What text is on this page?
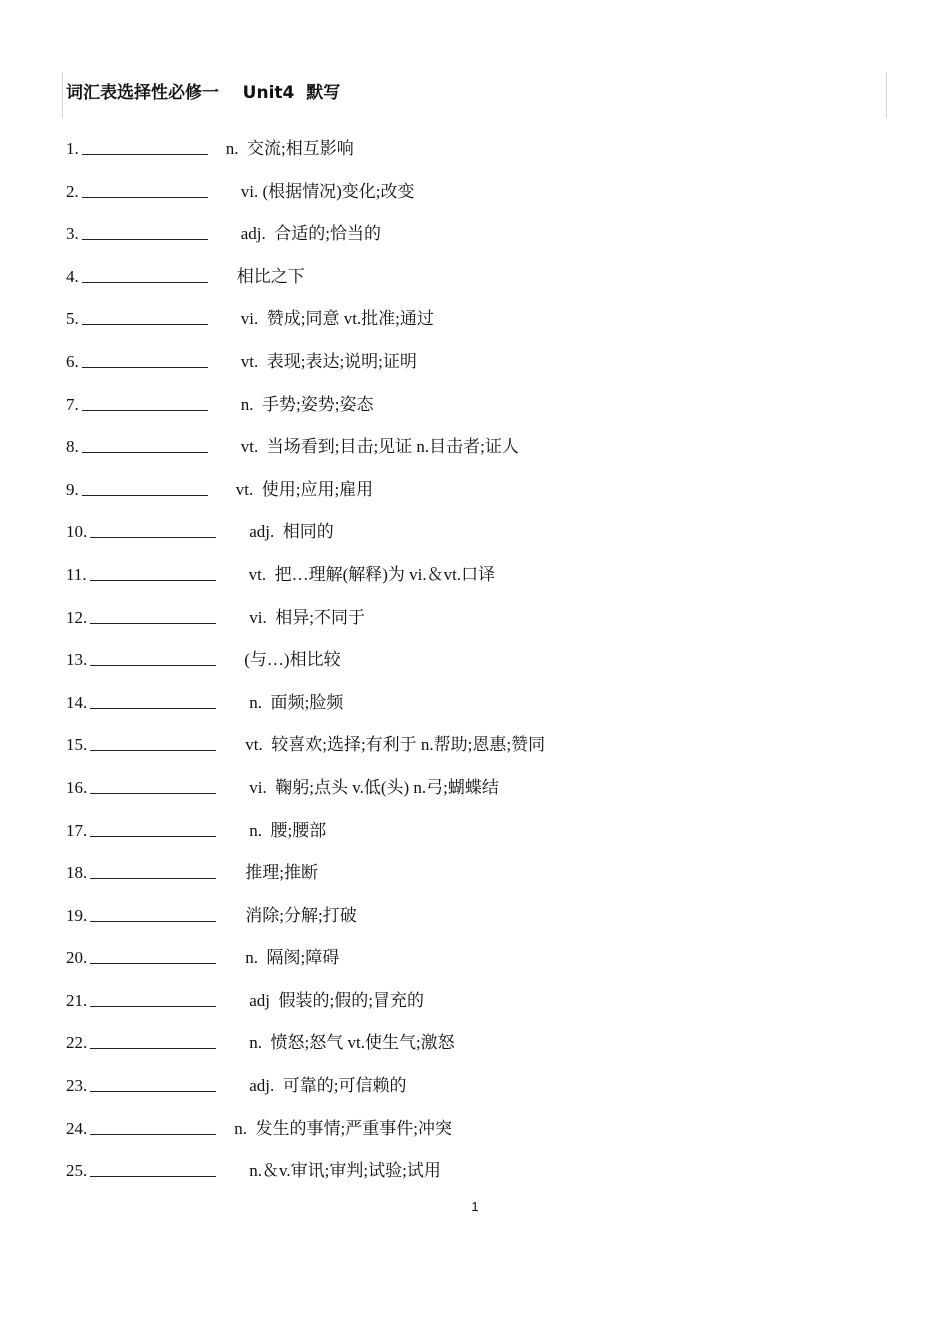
词汇表选择性必修一    Unit4  默写
1.	n.  交流;相互影响
2.	vi. (根据情况)变化;改变
3.	adj.  合适的;恰当的
4.	相比之下
5.	vi.  赞成;同意 vt.批准;通过
6.	vt.  表现;表达;说明;证明
7.	n.  手势;姿势;姿态
8.	vt.  当场看到;目击;见证 n.目击者;证人
9.	vt.  使用;应用;雇用
10.	adj.  相同的
11.	vt.  把…理解(解释)为 vi.＆vt.口译
12.	vi.  相异;不同于
13.	(与…)相比较
14.	n.  面频;脸频
15.	vt.  较喜欢;选择;有利于 n.帮助;恩惠;赞同
16.	vi.  鞠躬;点头 v.低(头) n.弓;蝴蝶结
17.	n.  腰;腰部
18.	推理;推断
19.	消除;分解;打破
20.	n.  隔阂;障碍
21.	adj  假装的;假的;冒充的
22.	n.  愤怒;怒气 vt.使生气;激怒
23.	adj.  可靠的;可信赖的
24.	n.  发生的事情;严重事件;冲突
25.	n.＆v.审讯;审判;试验;试用
1
